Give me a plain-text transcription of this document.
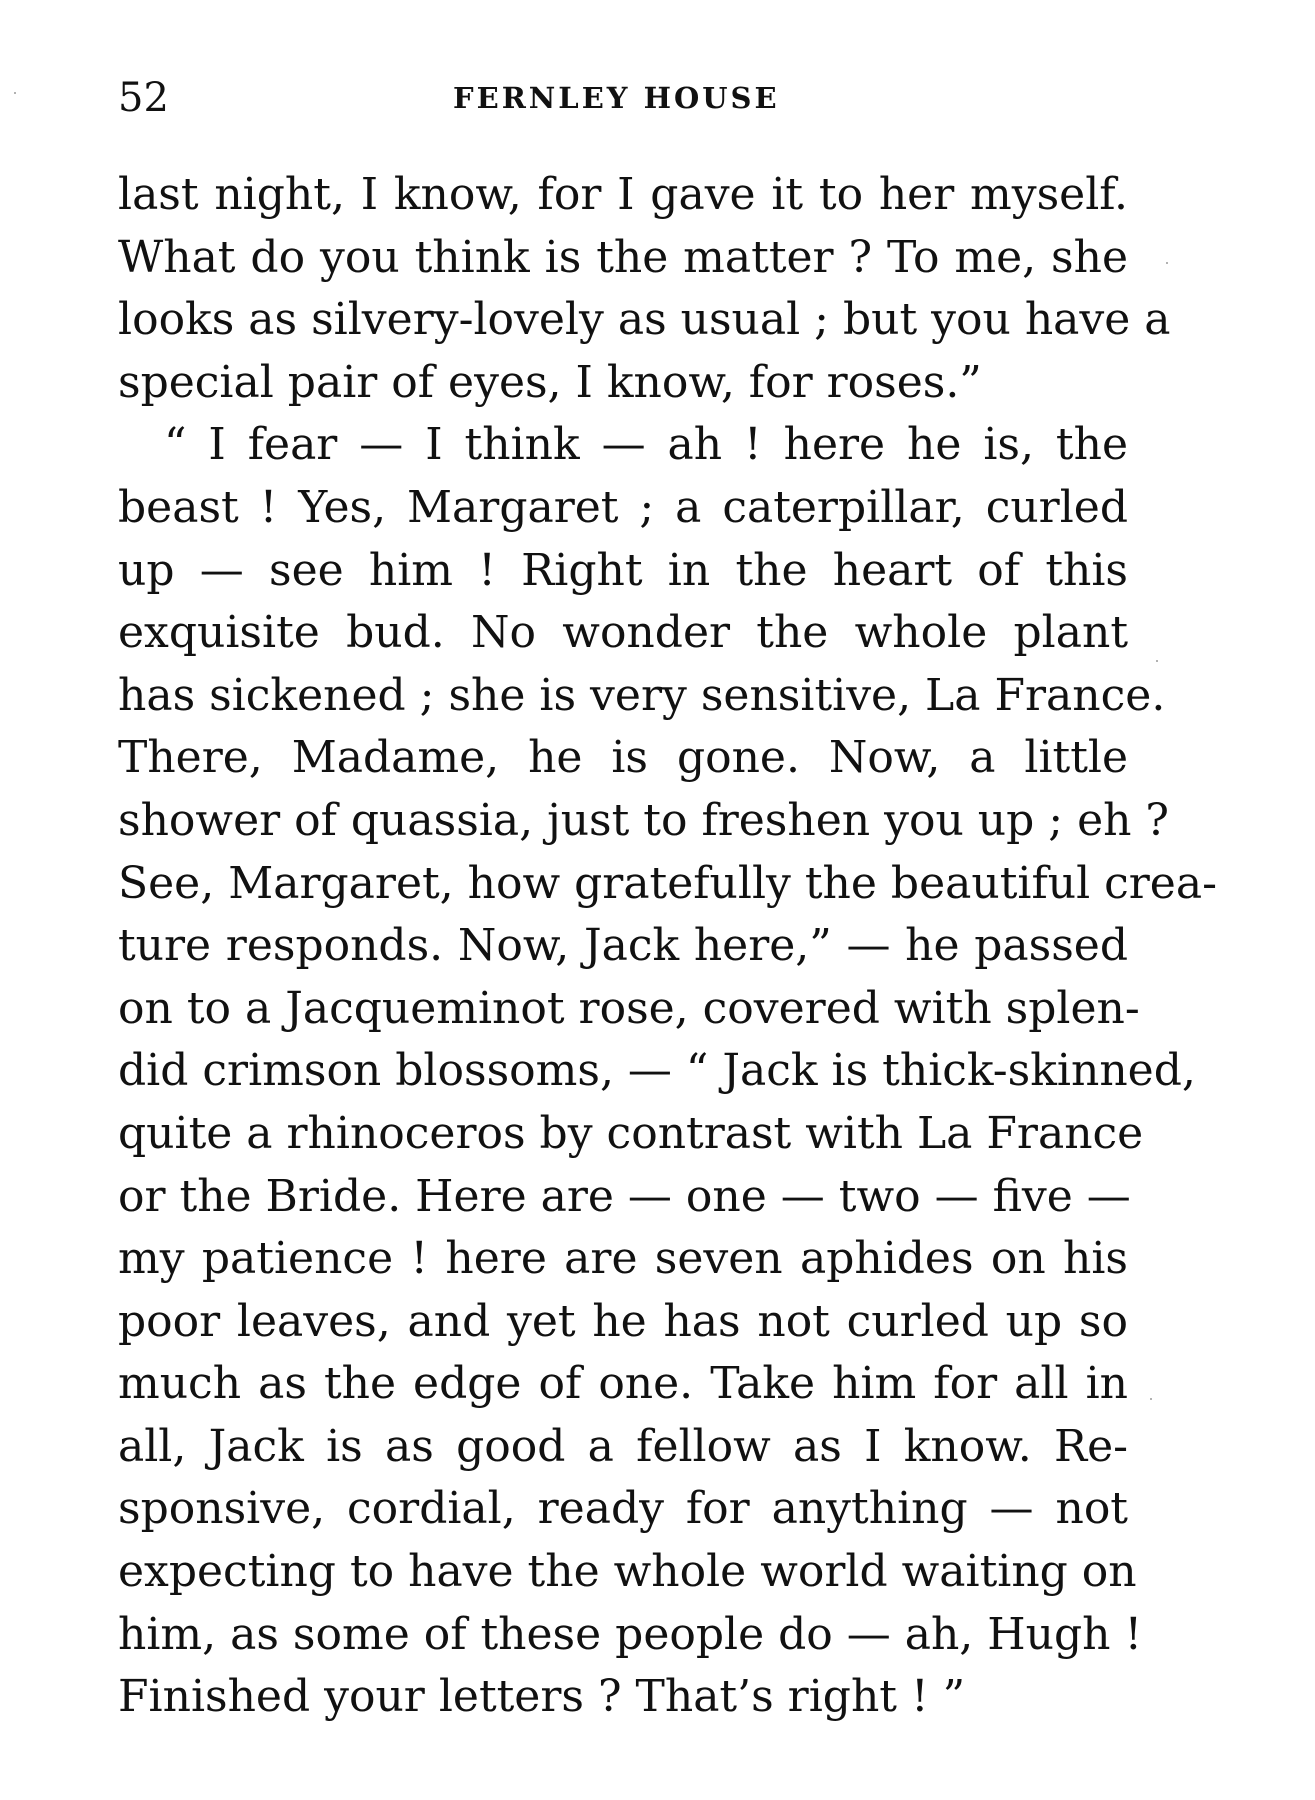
52	FERNLEY HOUSE
last night, I know, for I gave it to her myself.
What do you think is the matter ? To me, she
looks as silvery-lovely as usual ; but you have a
special pair of eyes, I know, for roses.”
“ I fear — I think — ah ! here he is, the
beast ! Yes, Margaret ; a caterpillar, curled
up — see him ! Right in the heart of this
exquisite bud. No wonder the whole plant
has sickened ; she is very sensitive, La France.
There, Madame, he is gone. Now, a little
shower of quassia, just to freshen you up ; eh ?
See, Margaret, how gratefully the beautiful crea-
ture responds. Now, Jack here,” — he passed
on to a Jacqueminot rose, covered with splen-
did crimson blossoms, — “ Jack is thick-skinned,
quite a rhinoceros by contrast with La France
or the Bride. Here are — one — two — five —
my patience ! here are seven aphides on his
poor leaves, and yet he has not curled up so
much as the edge of one. Take him for all in
all, Jack is as good a fellow as I know. Re-
sponsive, cordial, ready for anything — not
expecting to have the whole world waiting on
him, as some of these people do — ah, Hugh !
Finished your letters ? That’s right ! ”
